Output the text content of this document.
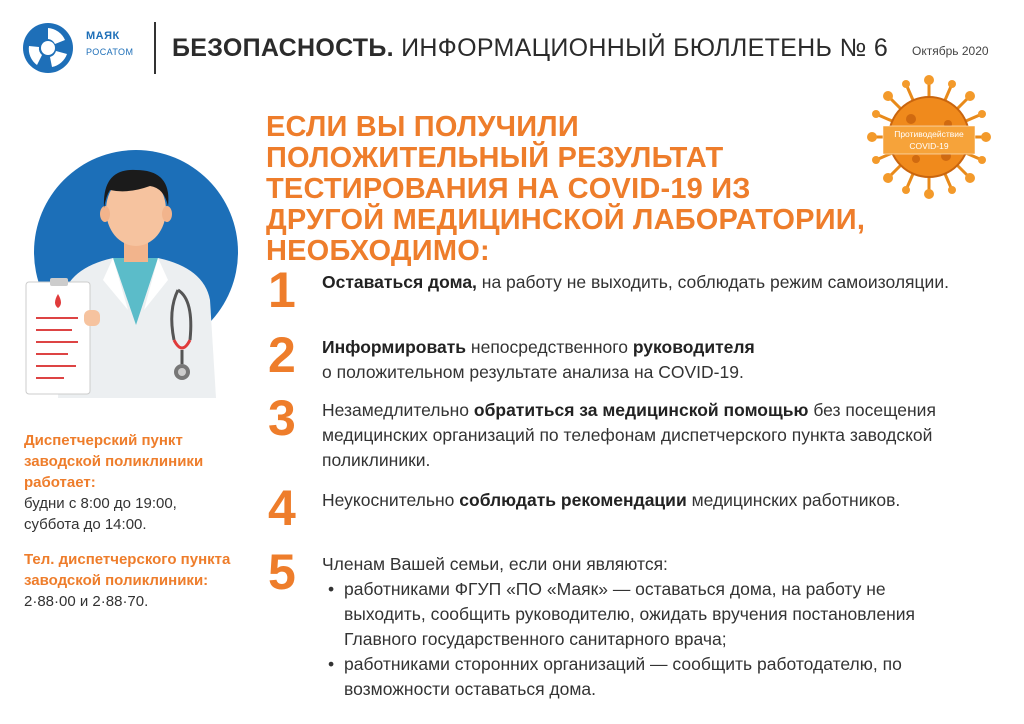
МАЯК
РОСАТОМ БЕЗОПАСНОСТЬ. ИНФОРМАЦИОННЫЙ БЮЛЛЕТЕНЬ № 6 Октябрь 2020
ЕСЛИ ВЫ ПОЛУЧИЛИ ПОЛОЖИТЕЛЬНЫЙ РЕЗУЛЬТАТ ТЕСТИРОВАНИЯ НА COVID-19 ИЗ ДРУГОЙ МЕДИЦИНСКОЙ ЛАБОРАТОРИИ, НЕОБХОДИМО:
Противодействие
COVID-19
Диспетчерский пункт заводской поликлиники работает:
будни с 8:00 до 19:00,
суббота до 14:00.
Тел. диспетчерского пункта заводской поликлиники:
2·88·00 и 2·88·70.
1 Оставаться дома, на работу не выходить, соблюдать режим самоизоляции.
2 Информировать непосредственного руководителя
о положительном результате анализа на COVID-19.
3 Незамедлительно обратиться за медицинской помощью без посещения медицинских организаций по телефонам диспетчерского пункта заводской поликлиники.
4 Неукоснительно соблюдать рекомендации медицинских работников.
5 Членам Вашей семьи, если они являются:
• работниками ФГУП «ПО «Маяк» — оставаться дома, на работу не выходить, сообщить руководителю, ожидать вручения постановления Главного государственного санитарного врача;
• работниками сторонних организаций — сообщить работодателю, по возможности оставаться дома.
